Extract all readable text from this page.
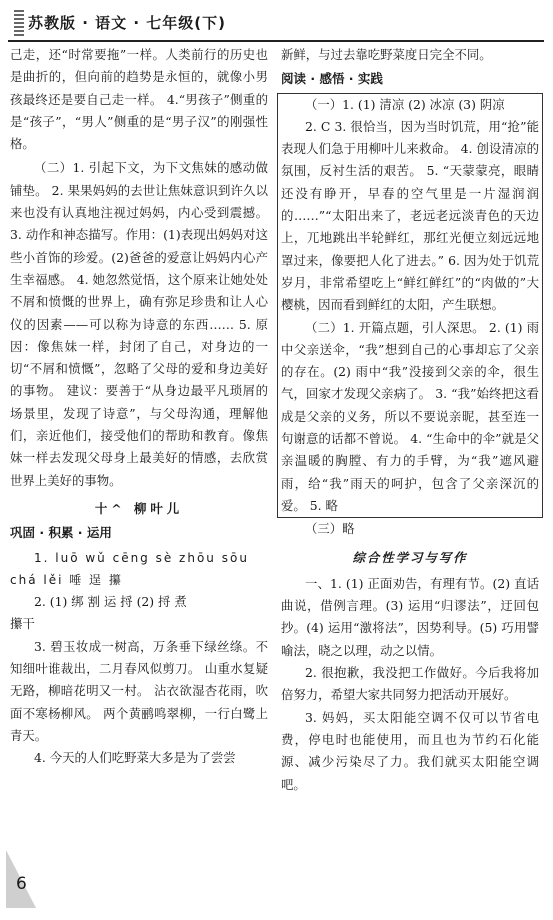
苏教版 · 语文 · 七年级(下)

己走，还“时常要拖”一样。人类前行的历史也是曲折的，但向前的趋势是永恒的，就像小男孩最终还是要自己走一样。 4.“男孩子”侧重的是“孩子”，“男人”侧重的是“男子汉”的刚强性格。

（二）1. 引起下文，为下文焦妹的感动做铺垫。 2. 果果妈妈的去世让焦妹意识到许久以来也没有认真地注视过妈妈，内心受到震撼。 3. 动作和神态描写。作用：(1)表现出妈妈对这些小首饰的珍爱。(2)爸爸的爱意让妈妈内心产生幸福感。 4. 她忽然觉悟，这个原来让她处处不屑和愤慨的世界上，确有弥足珍贵和让人心仪的因素——可以称为诗意的东西…… 5. 原因：像焦妹一样，封闭了自己，对身边的一切“不屑和愤慨”，忽略了父母的爱和身边美好的事物。 建议：要善于“从身边最平凡琐屑的场景里，发现了诗意”，与父母沟通，理解他们，亲近他们，接受他们的帮助和教育。像焦妹一样去发现父母身上最美好的情感，去欣赏世界上美好的事物。

十^ 柳叶儿
巩固 · 积累 · 运用

1. luō wǔ cēng sè zhōu sōu

chá lěi 唾 逞 攥

2. (1) 绑 割 运 捋 (2) 捋 煮

攥干

3. 碧玉妆成一树高，万条垂下绿丝绦。不知细叶谁裁出，二月春风似剪刀。 山重水复疑无路，柳暗花明又一村。 沾衣欲湿杏花雨，吹面不寒杨柳风。 两个黄鹂鸣翠柳，一行白鹭上青天。

4. 今天的人们吃野菜大多是为了尝尝

新鲜，与过去靠吃野菜度日完全不同。

阅读 · 感悟 · 实践

（一）1. (1) 清凉 (2) 冰凉 (3) 阴凉

2. C 3. 很恰当，因为当时饥荒，用“抢”能表现人们急于用柳叶儿来救命。 4. 创设清凉的氛围，反衬生活的艰苦。 5. “天蒙蒙亮，眼睛还没有睁开，早春的空气里是一片湿润润的……”“太阳出来了，老远老远淡青色的天边上，兀地跳出半轮鲜红，那红光便立刻远远地罩过来，像要把人化了进去。” 6. 因为处于饥荒岁月，非常希望吃上“鲜红鲜红”的“肉做的”大樱桃，因而看到鲜红的太阳，产生联想。

（二）1. 开篇点题，引人深思。 2. (1) 雨中父亲送伞，“我”想到自己的心事却忘了父亲的存在。(2) 雨中“我”没接到父亲的伞，很生气，回家才发现父亲病了。 3. “我”始终把这看成是父亲的义务，所以不要说亲昵，甚至连一句谢意的话都不曾说。 4. “生命中的伞”就是父亲温暖的胸膛、有力的手臂，为“我”遮风避雨，给“我”雨天的呵护，包含了父亲深沉的爱。 5. 略

（三）略

综合性学习与写作

一、1. (1) 正面劝告，有理有节。(2) 直话曲说，借例言理。(3) 运用“归谬法”，迂回包抄。(4) 运用“激将法”，因势利导。(5) 巧用譬喻法，晓之以理，动之以情。

2. 很抱歉，我没把工作做好。今后我将加倍努力，希望大家共同努力把活动开展好。

3. 妈妈，买太阳能空调不仅可以节省电费，停电时也能使用，而且也为节约石化能源、减少污染尽了力。我们就买太阳能空调吧。

6
